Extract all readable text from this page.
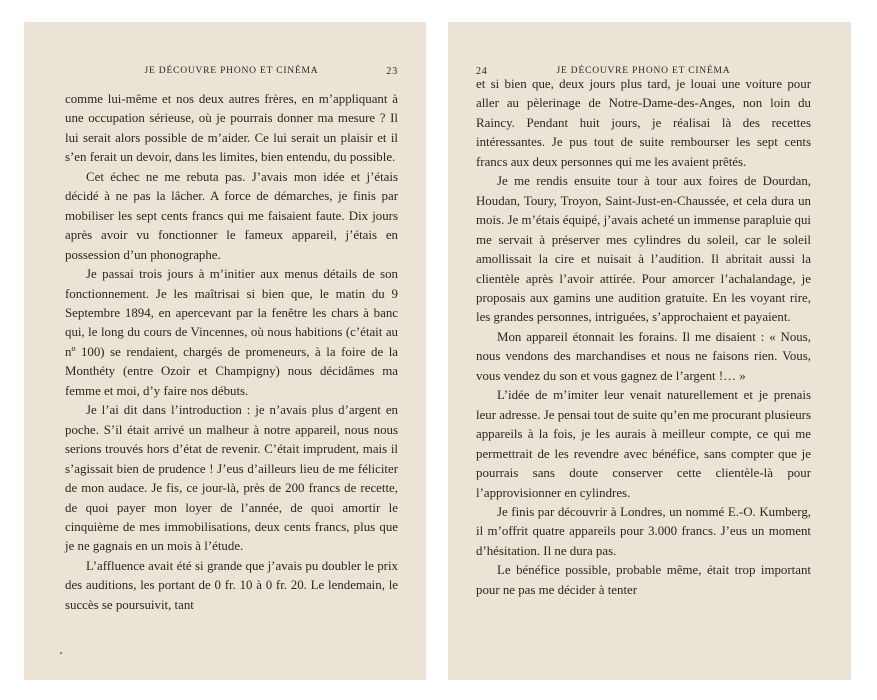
JE DÉCOUVRE PHONO ET CINÉMA	23

comme lui-même et nos deux autres frères, en m’appliquant à une occupation sérieuse, où je pourrais donner ma mesure ? Il lui serait alors possible de m’aider. Ce lui serait un plaisir et il s’en ferait un devoir, dans les limites, bien entendu, du possible.

Cet échec ne me rebuta pas. J’avais mon idée et j’étais décidé à ne pas la lâcher. A force de démarches, je finis par mobiliser les sept cents francs qui me faisaient faute. Dix jours après avoir vu fonctionner le fameux appareil, j’étais en possession d’un phonographe.

Je passai trois jours à m’initier aux menus détails de son fonctionnement. Je les maîtrisai si bien que, le matin du 9 Septembre 1894, en apercevant par la fenêtre les chars à banc qui, le long du cours de Vincennes, où nous habitions (c’était au nº 100) se rendaient, chargés de promeneurs, à la foire de la Monthéty (entre Ozoir et Champigny) nous décidâmes ma femme et moi, d’y faire nos débuts.

Je l’ai dit dans l’introduction : je n’avais plus d’argent en poche. S’il était arrivé un malheur à notre appareil, nous nous serions trouvés hors d’état de revenir. C’était imprudent, mais il s’agissait bien de prudence ! J’eus d’ailleurs lieu de me féliciter de mon audace. Je fis, ce jour-là, près de 200 francs de recette, de quoi payer mon loyer de l’année, de quoi amortir le cinquième de mes immobilisations, deux cents francs, plus que je ne gagnais en un mois à l’étude.

L’affluence avait été si grande que j’avais pu doubler le prix des auditions, les portant de 0 fr. 10 à 0 fr. 20. Le lendemain, le succès se poursuivit, tant

24	JE DÉCOUVRE PHONO ET CINÉMA

et si bien que, deux jours plus tard, je louai une voiture pour aller au pèlerinage de Notre-Dame-des-Anges, non loin du Raincy. Pendant huit jours, je réalisai là des recettes intéressantes. Je pus tout de suite rembourser les sept cents francs aux deux personnes qui me les avaient prêtés.

Je me rendis ensuite tour à tour aux foires de Dourdan, Houdan, Toury, Troyon, Saint-Just-en-Chaussée, et cela dura un mois. Je m’étais équipé, j’avais acheté un immense parapluie qui me servait à préserver mes cylindres du soleil, car le soleil amollissait la cire et nuisait à l’audition. Il abritait aussi la clientèle après l’avoir attirée. Pour amorcer l’achalandage, je proposais aux gamins une audition gratuite. En les voyant rire, les grandes personnes, intriguées, s’approchaient et payaient.

Mon appareil étonnait les forains. Il me disaient : « Nous, nous vendons des marchandises et nous ne faisons rien. Vous, vous vendez du son et vous gagnez de l’argent !… »

L’idée de m’imiter leur venait naturellement et je prenais leur adresse. Je pensai tout de suite qu’en me procurant plusieurs appareils à la fois, je les aurais à meilleur compte, ce qui me permettrait de les revendre avec bénéfice, sans compter que je pourrais sans doute conserver cette clientèle-là pour l’approvisionner en cylindres.

Je finis par découvrir à Londres, un nommé E.-O. Kumberg, il m’offrit quatre appareils pour 3.000 francs. J’eus un moment d’hésitation. Il ne dura pas.

Le bénéfice possible, probable même, était trop important pour ne pas me décider à tenter
